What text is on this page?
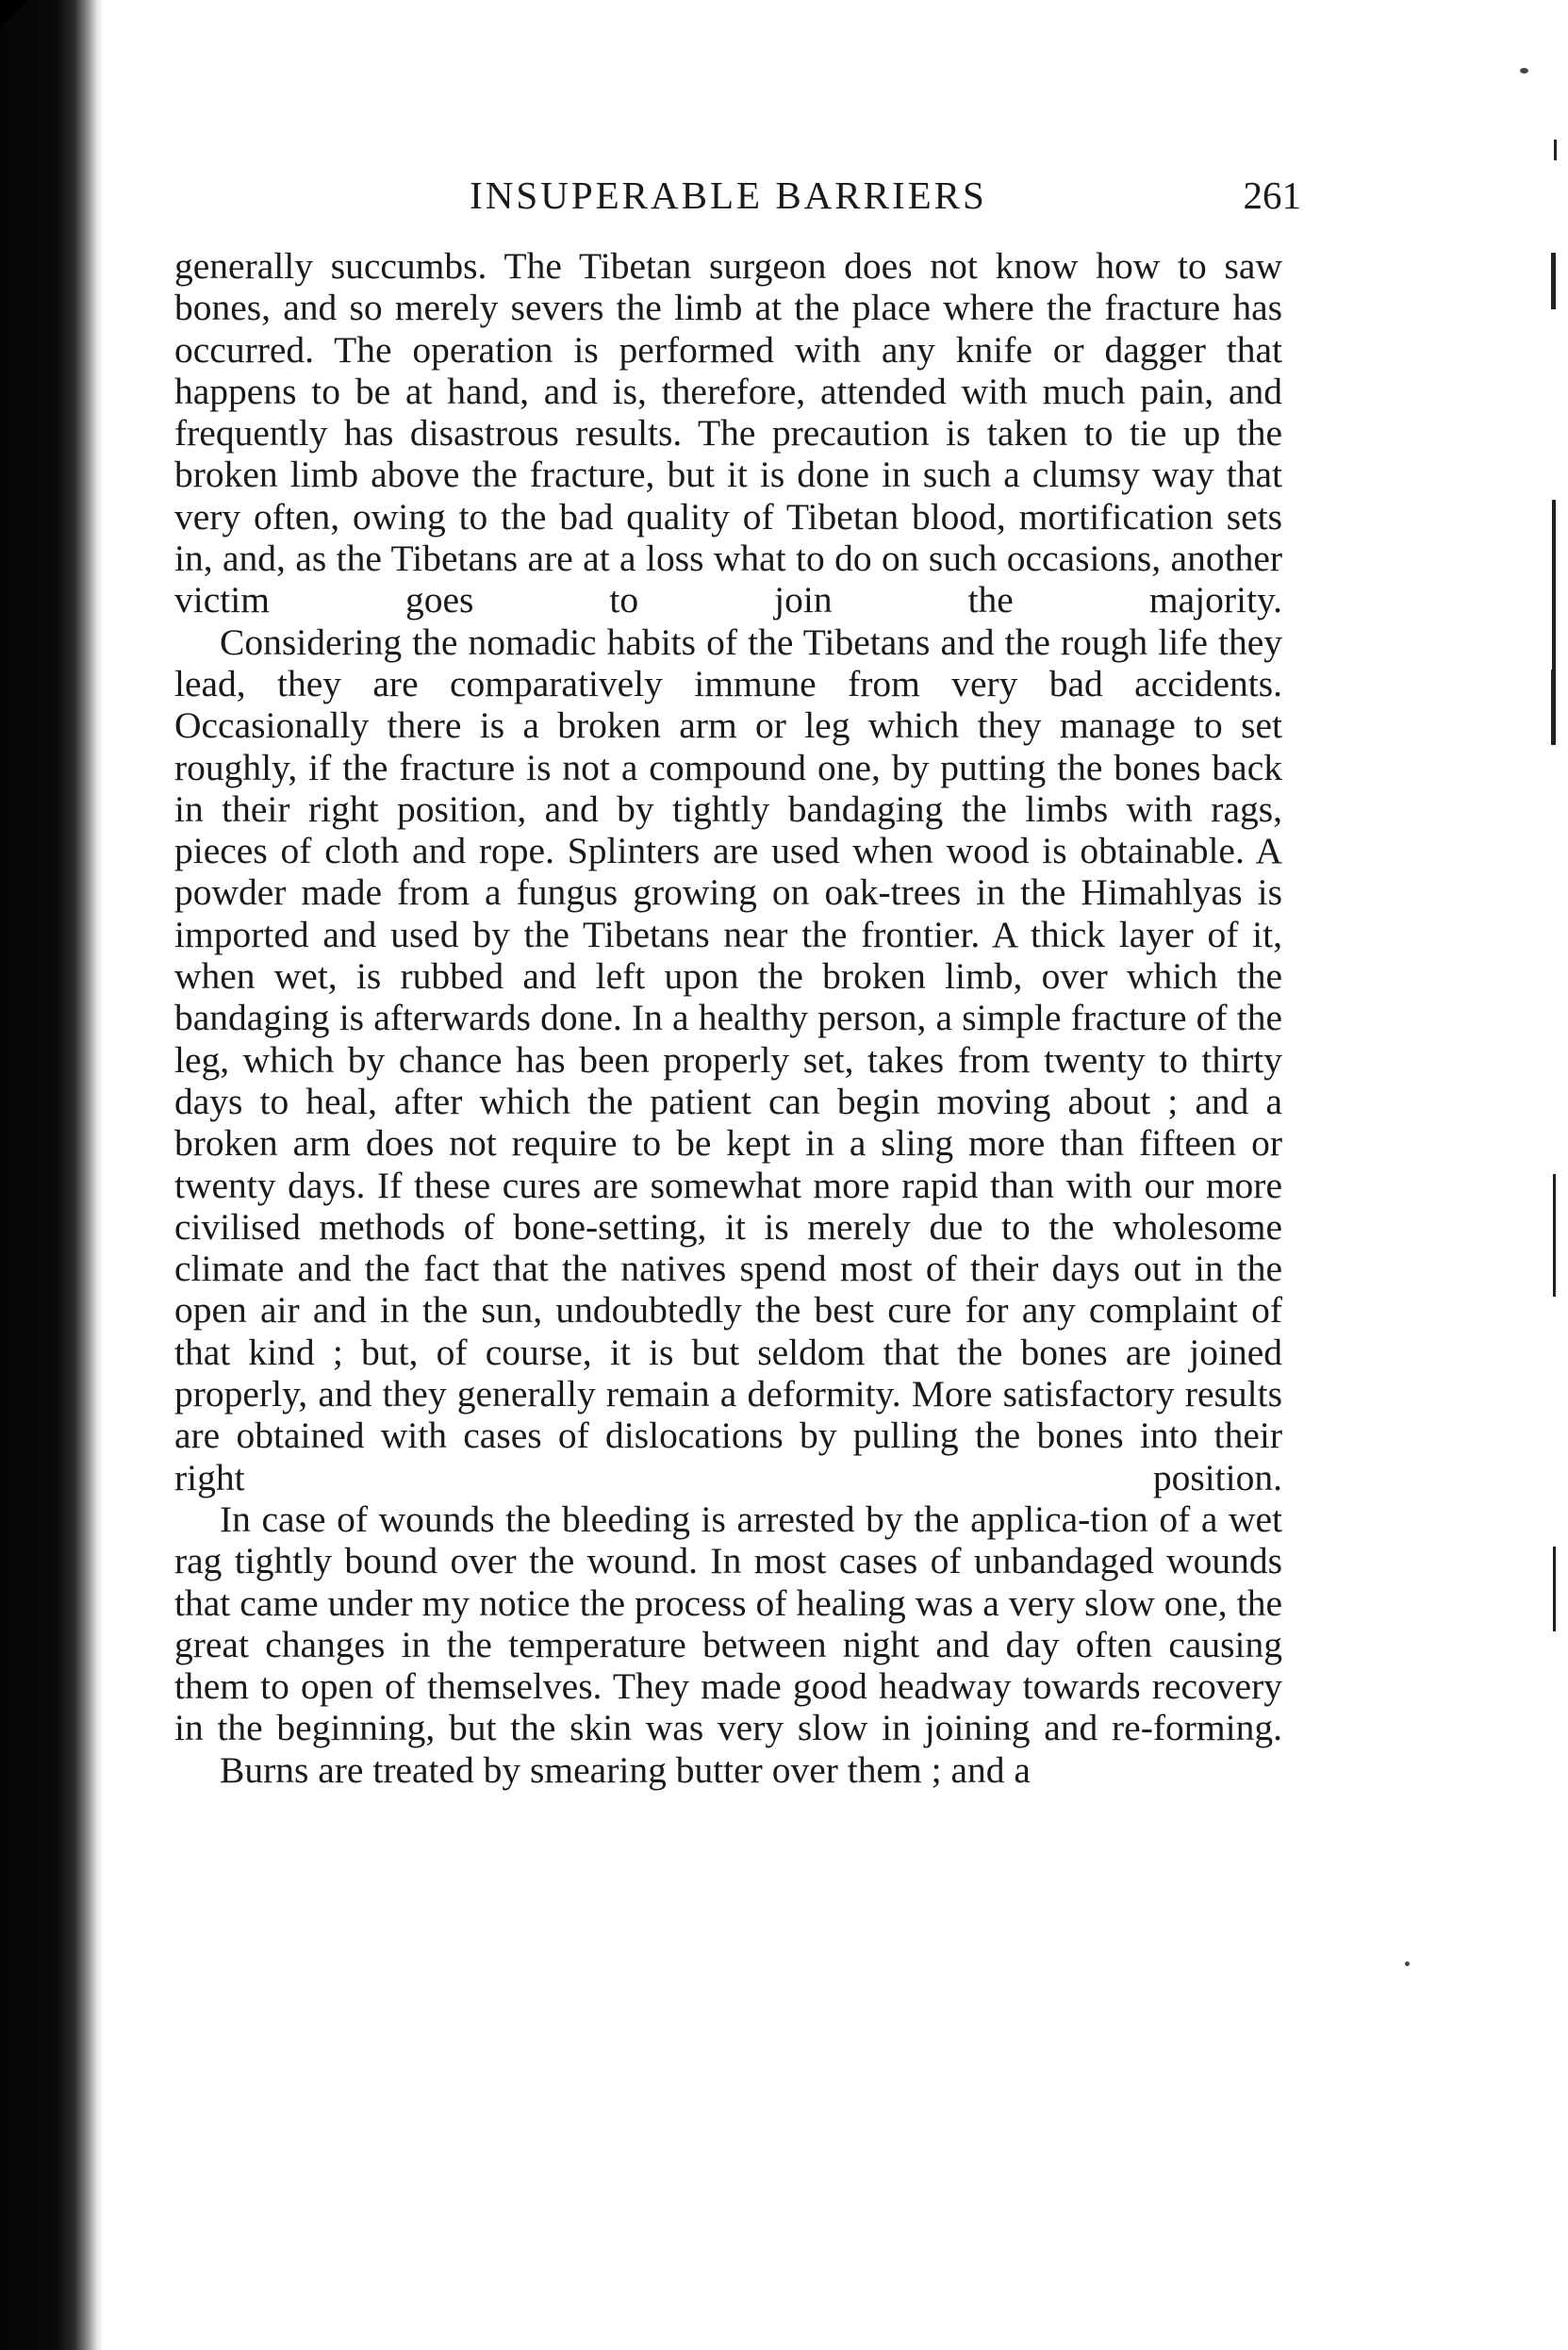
INSUPERABLE BARRIERS	261

generally succumbs. The Tibetan surgeon does not know how to saw bones, and so merely severs the limb at the place where the fracture has occurred. The operation is performed with any knife or dagger that happens to be at hand, and is, therefore, attended with much pain, and frequently has disastrous results. The precaution is taken to tie up the broken limb above the fracture, but it is done in such a clumsy way that very often, owing to the bad quality of Tibetan blood, mortification sets in, and, as the Tibetans are at a loss what to do on such occasions, another victim goes to join the majority.

Considering the nomadic habits of the Tibetans and the rough life they lead, they are comparatively immune from very bad accidents. Occasionally there is a broken arm or leg which they manage to set roughly, if the fracture is not a compound one, by putting the bones back in their right position, and by tightly bandaging the limbs with rags, pieces of cloth and rope. Splinters are used when wood is obtainable. A powder made from a fungus growing on oak-trees in the Himahlyas is imported and used by the Tibetans near the frontier. A thick layer of it, when wet, is rubbed and left upon the broken limb, over which the bandaging is afterwards done. In a healthy person, a simple fracture of the leg, which by chance has been properly set, takes from twenty to thirty days to heal, after which the patient can begin moving about ; and a broken arm does not require to be kept in a sling more than fifteen or twenty days. If these cures are somewhat more rapid than with our more civilised methods of bone-setting, it is merely due to the wholesome climate and the fact that the natives spend most of their days out in the open air and in the sun, undoubtedly the best cure for any complaint of that kind ; but, of course, it is but seldom that the bones are joined properly, and they generally remain a deformity. More satisfactory results are obtained with cases of dislocations by pulling the bones into their right position.

In case of wounds the bleeding is arrested by the applica-tion of a wet rag tightly bound over the wound. In most cases of unbandaged wounds that came under my notice the process of healing was a very slow one, the great changes in the temperature between night and day often causing them to open of themselves. They made good headway towards recovery in the beginning, but the skin was very slow in joining and re-forming.

Burns are treated by smearing butter over them ; and a
